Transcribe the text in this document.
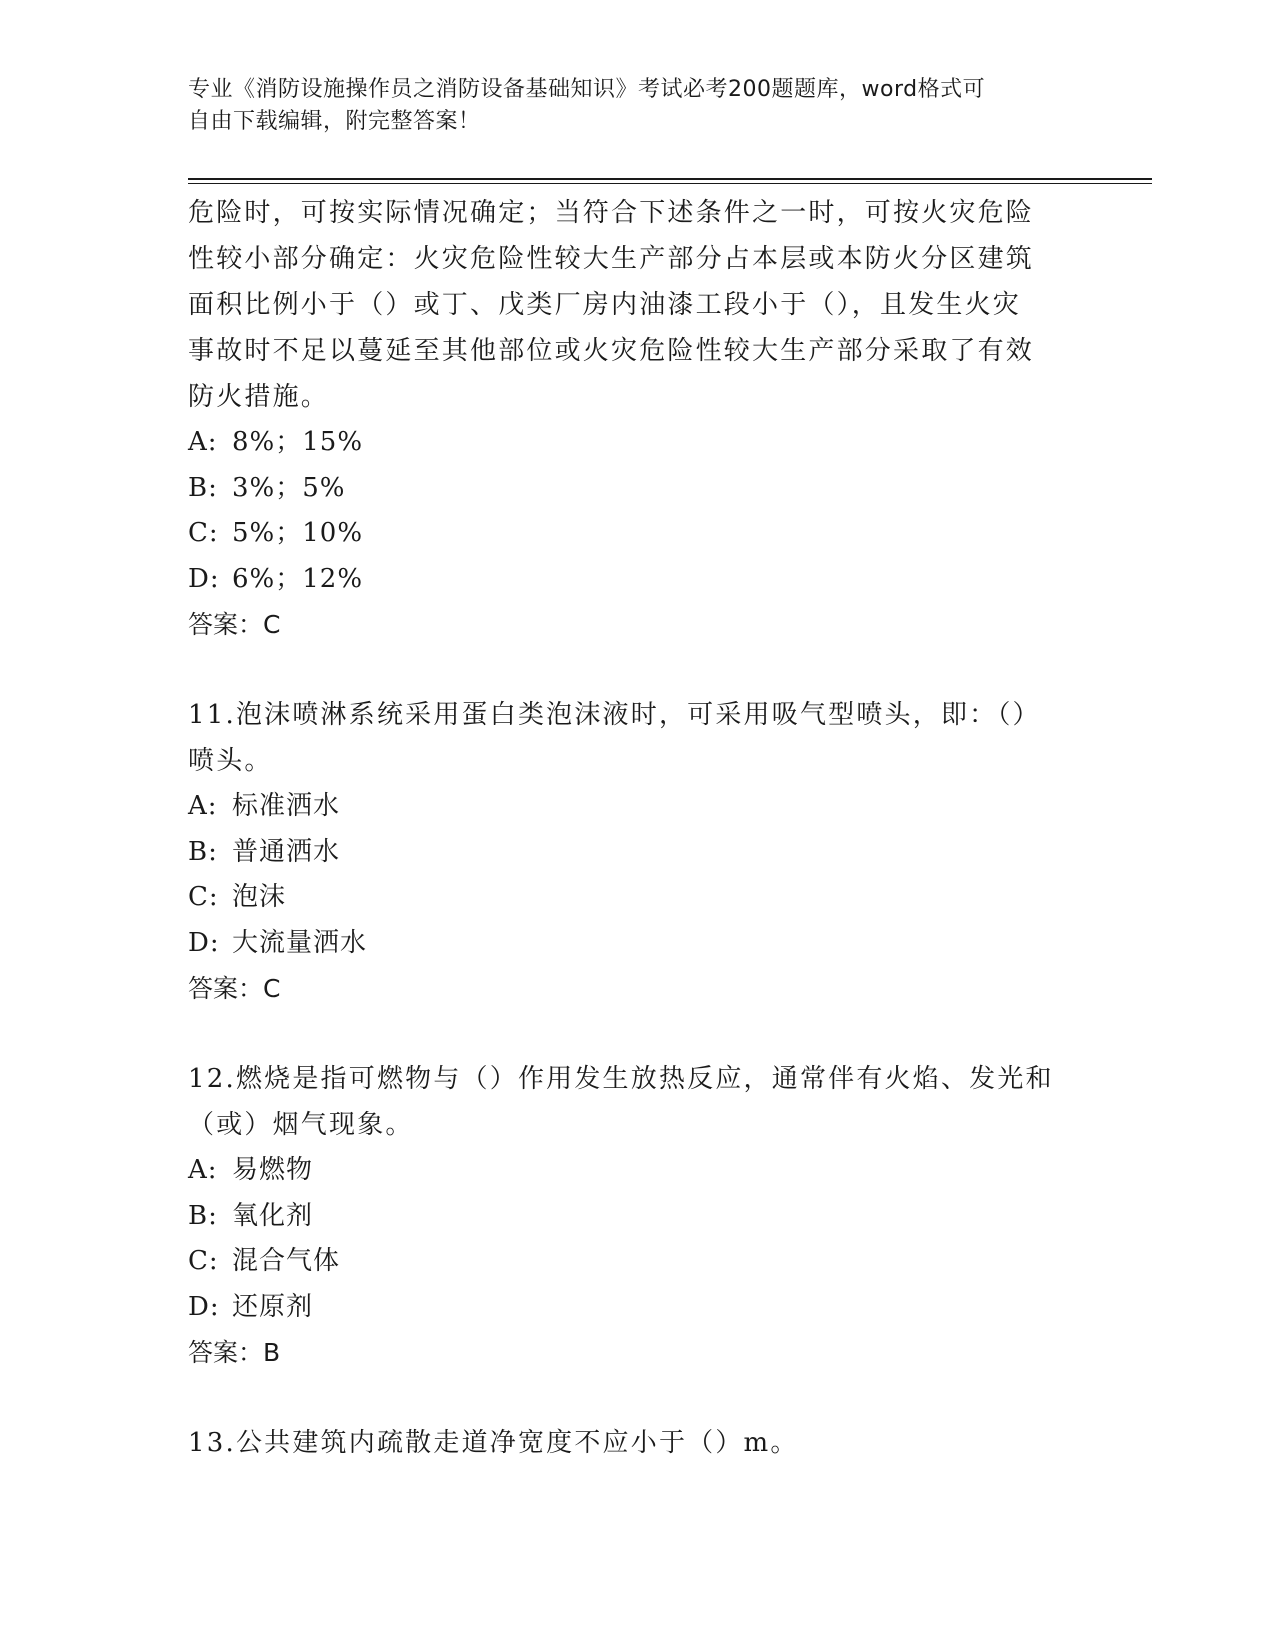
专业《消防设施操作员之消防设备基础知识》考试必考200题题库，word格式可
自由下载编辑，附完整答案！

危险时，可按实际情况确定；当符合下述条件之一时，可按火灾危险

性较小部分确定：火灾危险性较大生产部分占本层或本防火分区建筑

面积比例小于（）或丁、戊类厂房内油漆工段小于（），且发生火灾

事故时不足以蔓延至其他部位或火灾危险性较大生产部分采取了有效

防火措施。

A: 8%；15%

B: 3%；5%

C: 5%；10%

D: 6%；12%

答案：C

11.泡沫喷淋系统采用蛋白类泡沫液时，可采用吸气型喷头，即：（）

喷头。

A: 标准洒水

B: 普通洒水

C: 泡沫

D: 大流量洒水

答案：C

12.燃烧是指可燃物与（）作用发生放热反应，通常伴有火焰、发光和

（或）烟气现象。

A: 易燃物

B: 氧化剂

C: 混合气体

D: 还原剂

答案：B

13.公共建筑内疏散走道净宽度不应小于（）m。
